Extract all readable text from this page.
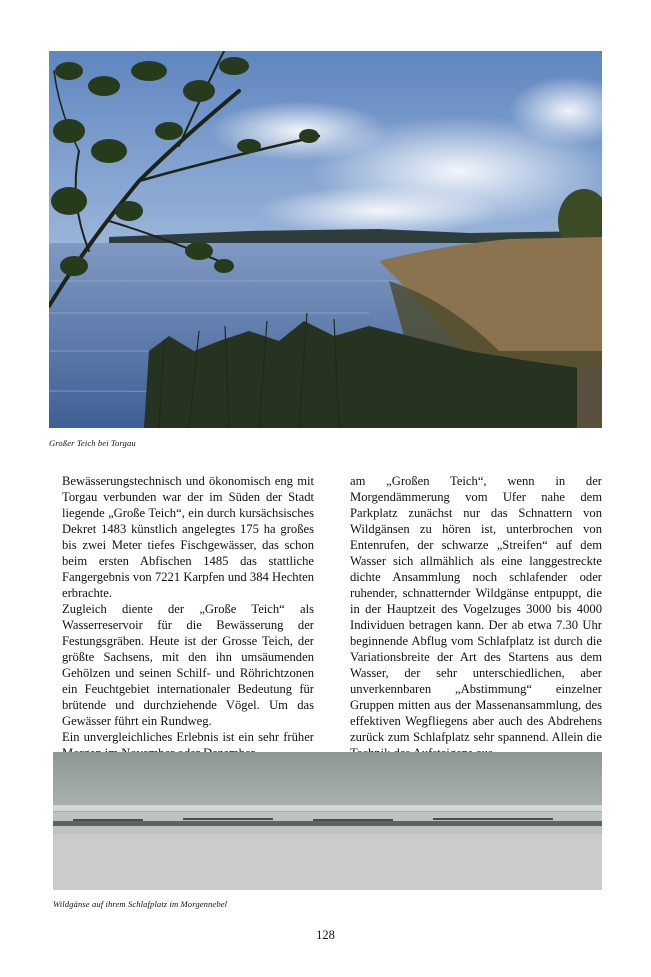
Großer Teich bei Torgau

Bewässerungstechnisch und ökonomisch eng mit Torgau verbunden war der im Süden der Stadt liegende „Große Teich“, ein durch kursächsisches Dekret 1483 künstlich angelegtes 175 ha großes bis zwei Meter tiefes Fischgewässer, das schon beim ersten Abfischen 1485 das stattliche Fangergebnis von 7221 Karpfen und 384 Hechten erbrachte.

Zugleich diente der „Große Teich“ als Wasserreservoir für die Bewässerung der Festungsgräben. Heute ist der Grosse Teich, der größte Sachsens, mit den ihn umsäumenden Gehölzen und seinen Schilf- und Röhrichtzonen ein Feuchtgebiet internationaler Bedeutung für brütende und durchziehende Vögel. Um das Gewässer führt ein Rundweg.

Ein unvergleichliches Erlebnis ist ein sehr früher

am „Großen Teich“, wenn in der Morgendämmerung vom Ufer nahe dem Parkplatz zunächst nur das Schnattern von Wildgänsen zu hören ist, unterbrochen von Entenrufen, der schwarze „Streifen“ auf dem Wasser sich allmählich als eine langgestreckte dichte Ansammlung noch schlafender oder ruhender, schnatternder Wildgänse entpuppt, die in der Hauptzeit des Vogelzuges 3000 bis 4000 Individuen betragen kann. Der ab etwa 7.30 Uhr beginnende Abflug vom Schlafplatz ist durch die Variationsbreite der Art des Startens aus dem Wasser, der sehr unterschiedlichen, aber unverkennbaren „Abstimmung“ einzelner Gruppen mitten aus der Massenansammlung, des effektiven Wegfliegens aber auch des Abdrehens zurück zum Schlafplatz sehr spannend. Allein die

Wildgänse auf ihrem Schlafplatz im Morgennebel
128
